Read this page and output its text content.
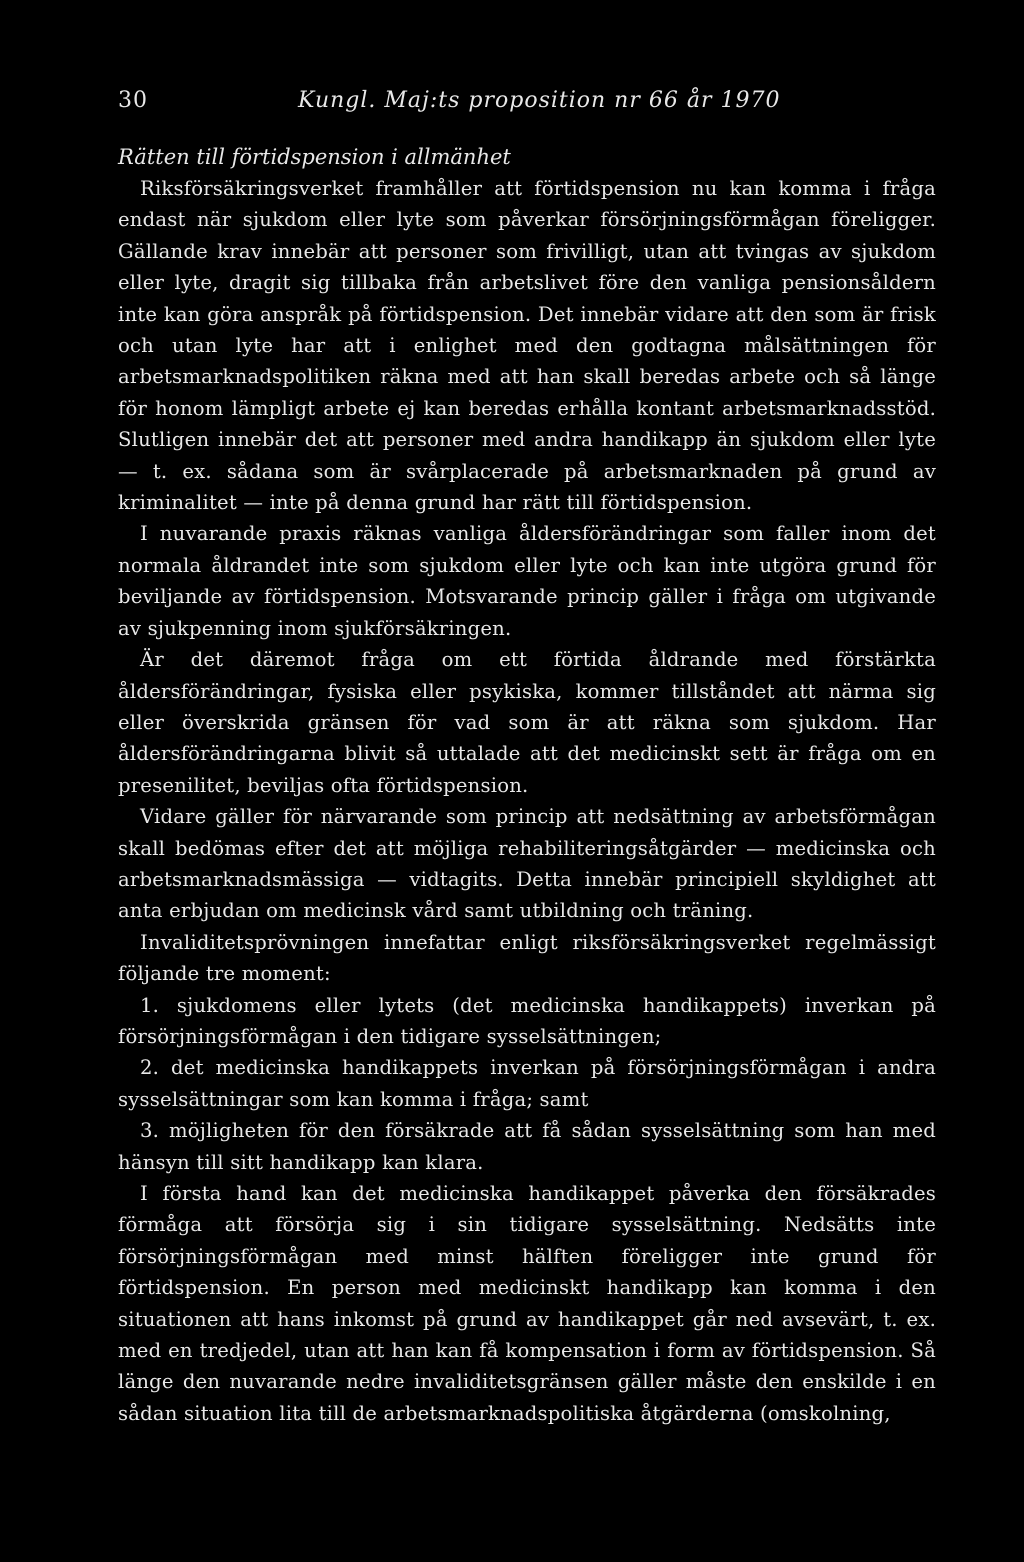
30	Kungl. Maj:ts proposition nr 66 år 1970
Rätten till förtidspension i allmänhet

Riksförsäkringsverket framhåller att förtidspension nu kan komma i fråga endast när sjukdom eller lyte som påverkar försörjningsförmågan föreligger. Gällande krav innebär att personer som frivilligt, utan att tvingas av sjukdom eller lyte, dragit sig tillbaka från arbetslivet före den vanliga pensionsåldern inte kan göra anspråk på förtidspension. Det innebär vidare att den som är frisk och utan lyte har att i enlighet med den godtagna målsättningen för arbetsmarknadspolitiken räkna med att han skall beredas arbete och så länge för honom lämpligt arbete ej kan beredas erhålla kontant arbetsmarknadsstöd. Slutligen innebär det att personer med andra handikapp än sjukdom eller lyte — t. ex. sådana som är svårplacerade på arbetsmarknaden på grund av kriminalitet — inte på denna grund har rätt till förtidspension.

I nuvarande praxis räknas vanliga åldersförändringar som faller inom det normala åldrandet inte som sjukdom eller lyte och kan inte utgöra grund för beviljande av förtidspension. Motsvarande princip gäller i fråga om utgivande av sjukpenning inom sjukförsäkringen.

Är det däremot fråga om ett förtida åldrande med förstärkta åldersförändringar, fysiska eller psykiska, kommer tillståndet att närma sig eller överskrida gränsen för vad som är att räkna som sjukdom. Har åldersförändringarna blivit så uttalade att det medicinskt sett är fråga om en presenilitet, beviljas ofta förtidspension.

Vidare gäller för närvarande som princip att nedsättning av arbetsförmågan skall bedömas efter det att möjliga rehabiliteringsåtgärder — medicinska och arbetsmarknadsmässiga — vidtagits. Detta innebär principiell skyldighet att anta erbjudan om medicinsk vård samt utbildning och träning.

Invaliditetsprövningen innefattar enligt riksförsäkringsverket regelmässigt följande tre moment:

1. sjukdomens eller lytets (det medicinska handikappets) inverkan på försörjningsförmågan i den tidigare sysselsättningen;

2. det medicinska handikappets inverkan på försörjningsförmågan i andra sysselsättningar som kan komma i fråga; samt

3. möjligheten för den försäkrade att få sådan sysselsättning som han med hänsyn till sitt handikapp kan klara.

I första hand kan det medicinska handikappet påverka den försäkrades förmåga att försörja sig i sin tidigare sysselsättning. Nedsätts inte försörjningsförmågan med minst hälften föreligger inte grund för förtidspension. En person med medicinskt handikapp kan komma i den situationen att hans inkomst på grund av handikappet går ned avsevärt, t. ex. med en tredjedel, utan att han kan få kompensation i form av förtidspension. Så länge den nuvarande nedre invaliditetsgränsen gäller måste den enskilde i en sådan situation lita till de arbetsmarknadspolitiska åtgärderna (omskolning,
